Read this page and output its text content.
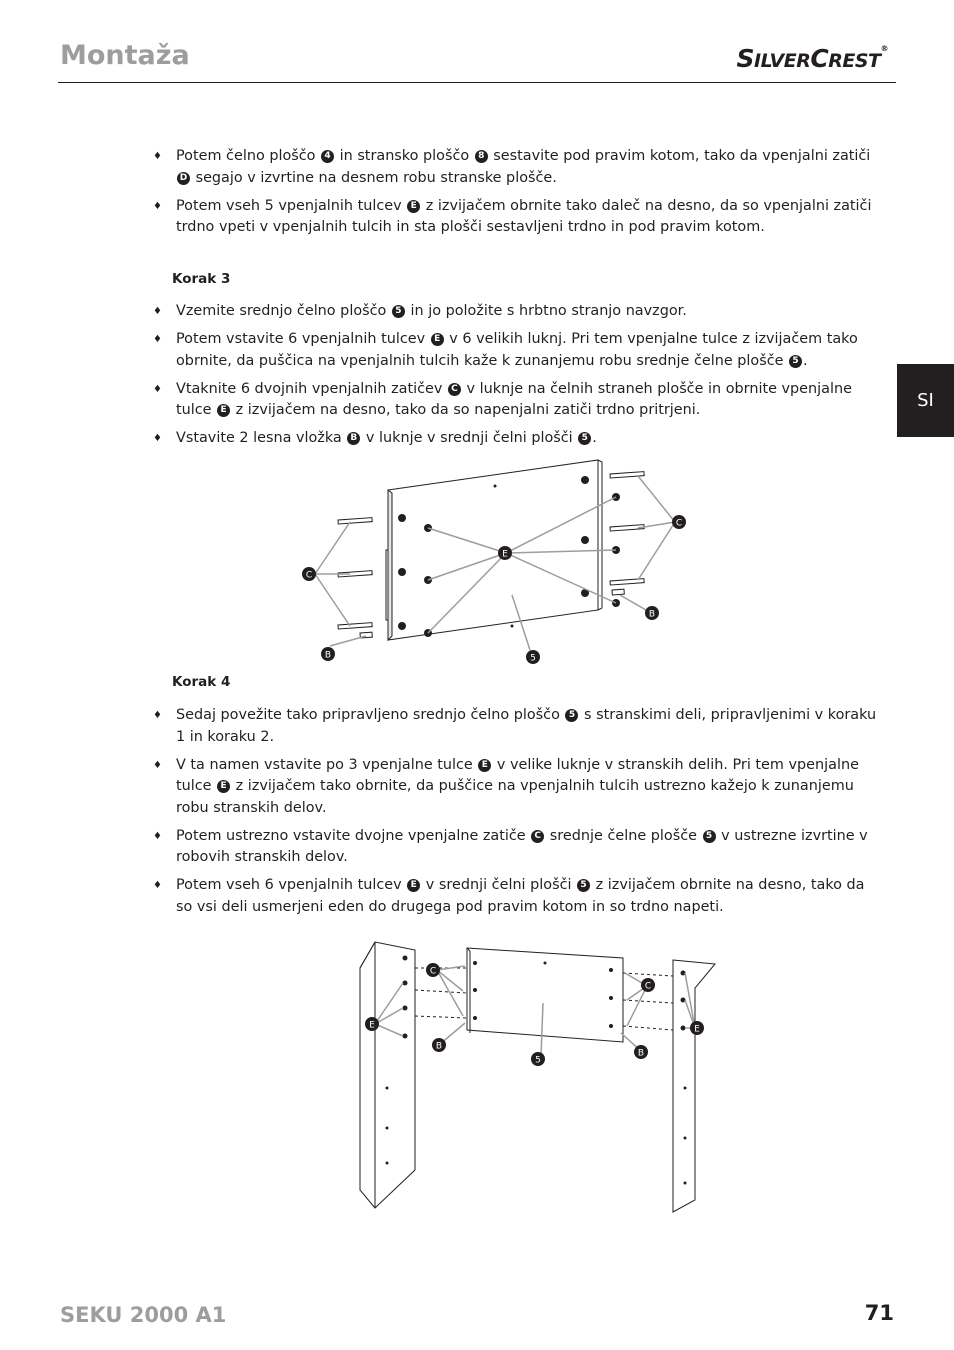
Montaža	SILVERCREST®
SI
♦ Potem čelno ploščo 4 in stransko ploščo 8 sestavite pod pravim kotom, tako da vpenjalni zatiči D segajo v izvrtine na desnem robu stranske plošče.
♦ Potem vseh 5 vpenjalnih tulcev E z izvijačem obrnite tako daleč na desno, da so vpenjalni zatiči trdno vpeti v vpenjalnih tulcih in sta plošči sestavljeni trdno in pod pravim kotom.
Korak 3
♦ Vzemite srednjo čelno ploščo 5 in jo položite s hrbtno stranjo navzgor.
♦ Potem vstavite 6 vpenjalnih tulcev E v 6 velikih luknj. Pri tem vpenjalne tulce z izvijačem tako obrnite, da puščica na vpenjalnih tulcih kaže k zunanjemu robu srednje čelne plošče 5 .
♦ Vtaknite 6 dvojnih vpenjalnih zatičev C v luknje na čelnih straneh plošče in obrnite vpenjalne tulce E z izvijačem na desno, tako da so napenjalni zatiči trdno pritrjeni.
♦ Vstavite 2 lesna vložka B v luknje v srednji čelni plošči 5 .
C
C
E
B
B
5
Korak 4
♦ Sedaj povežite tako pripravljeno srednjo čelno ploščo 5 s stranskimi deli, pripravljenimi v koraku 1 in koraku 2.
♦ V ta namen vstavite po 3 vpenjalne tulce E v velike luknje v stranskih delih. Pri tem vpenjalne tulce E z izvijačem tako obrnite, da puščice na vpenjalnih tulcih ustrezno kažejo k zunanjemu robu stranskih delov.
♦ Potem ustrezno vstavite dvojne vpenjalne zatiče C srednje čelne plošče 5 v ustrezne izvrtine v robovih stranskih delov.
♦ Potem vseh 6 vpenjalnih tulcev E v srednji čelni plošči 5 z izvijačem obrnite na desno, tako da so vsi deli usmerjeni eden do drugega pod pravim kotom in so trdno napeti.
C
C
E	E
B
B
5
SEKU 2000 A1	71
